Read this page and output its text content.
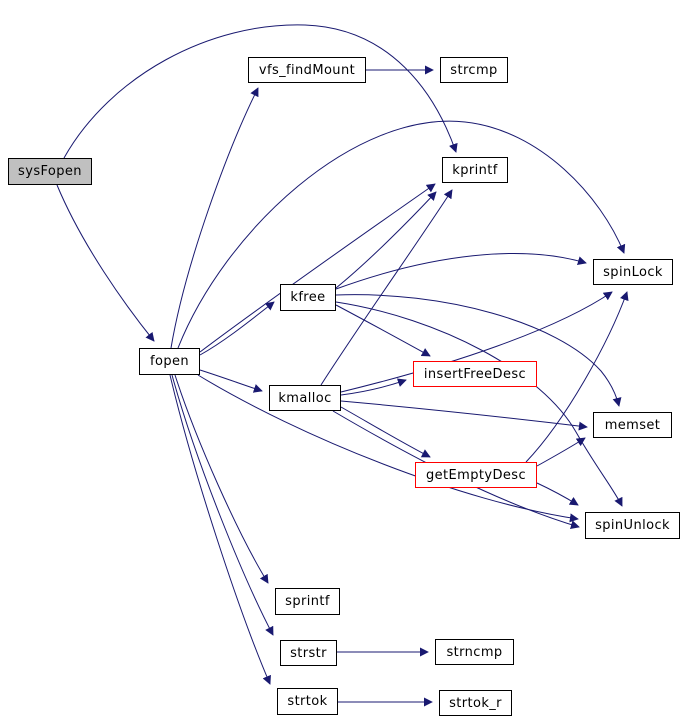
sysFopen
vfs_findMount	strcmp
kprintf
spinLock
kfree
fopen
insertFreeDesc
kmalloc
memset
getEmptyDesc
spinUnlock
sprintf
strstr	strncmp
strtok	strtok_r
